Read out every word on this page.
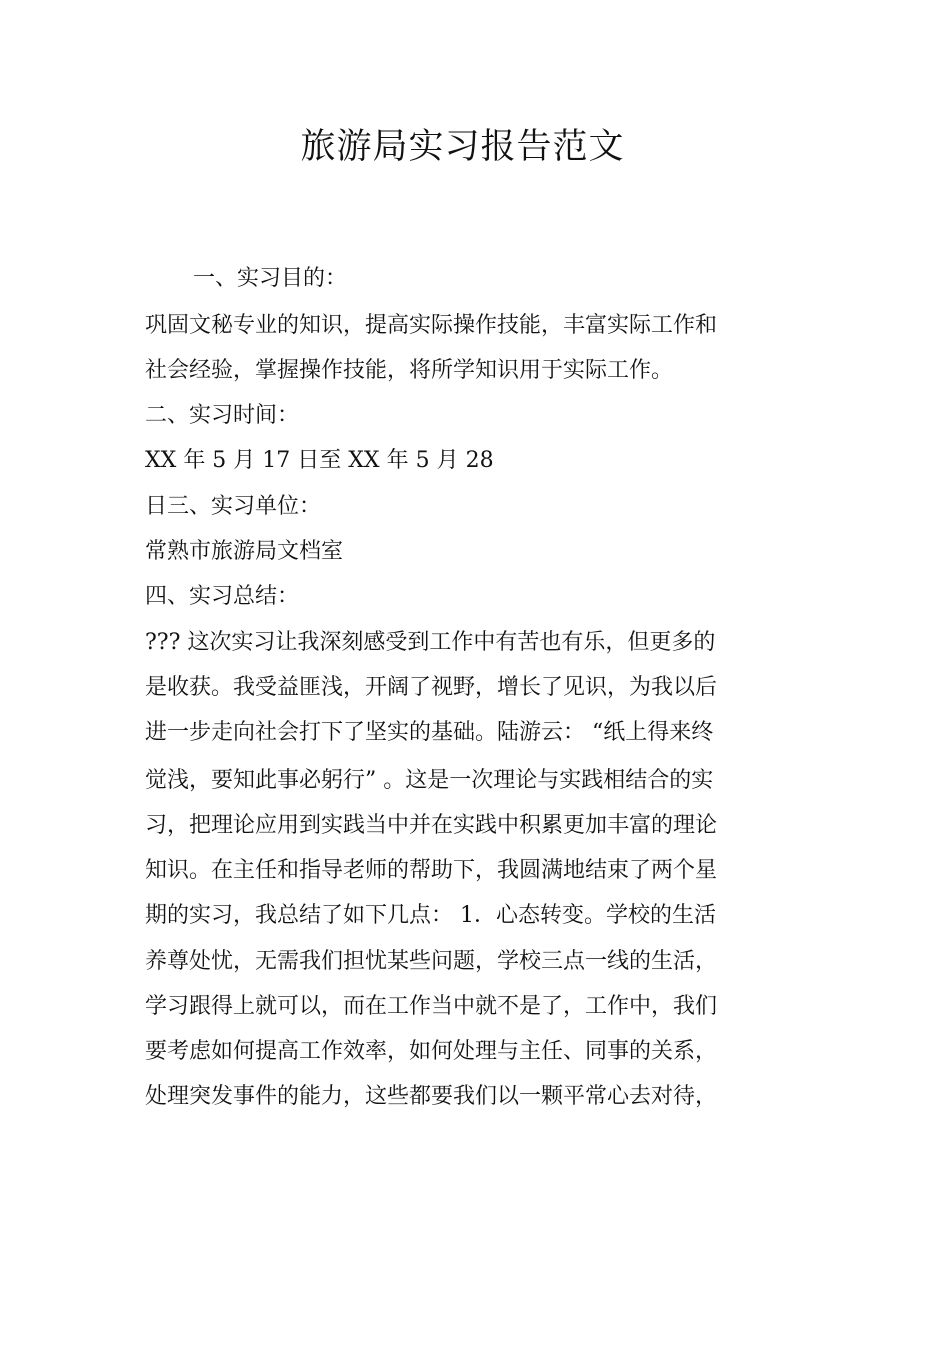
旅游局实习报告范文
一、实习目的：
巩固文秘专业的知识，提高实际操作技能，丰富实际工作和
社会经验，掌握操作技能，将所学知识用于实际工作。
二、实习时间：
XX 年 5 月 17 日至 XX 年 5 月 28
日三、实习单位：
常熟市旅游局文档室
四、实习总结：
??? 这次实习让我深刻感受到工作中有苦也有乐，但更多的
是收获。我受益匪浅，开阔了视野，增长了见识，为我以后
进一步走向社会打下了坚实的基础。陆游云： “纸上得来终
觉浅，要知此事必躬行” 。这是一次理论与实践相结合的实
习，把理论应用到实践当中并在实践中积累更加丰富的理论
知识。在主任和指导老师的帮助下，我圆满地结束了两个星
期的实习，我总结了如下几点： 1．心态转变。学校的生活
养尊处忧，无需我们担忧某些问题，学校三点一线的生活，
学习跟得上就可以，而在工作当中就不是了，工作中，我们
要考虑如何提高工作效率，如何处理与主任、同事的关系，
处理突发事件的能力，这些都要我们以一颗平常心去对待，
